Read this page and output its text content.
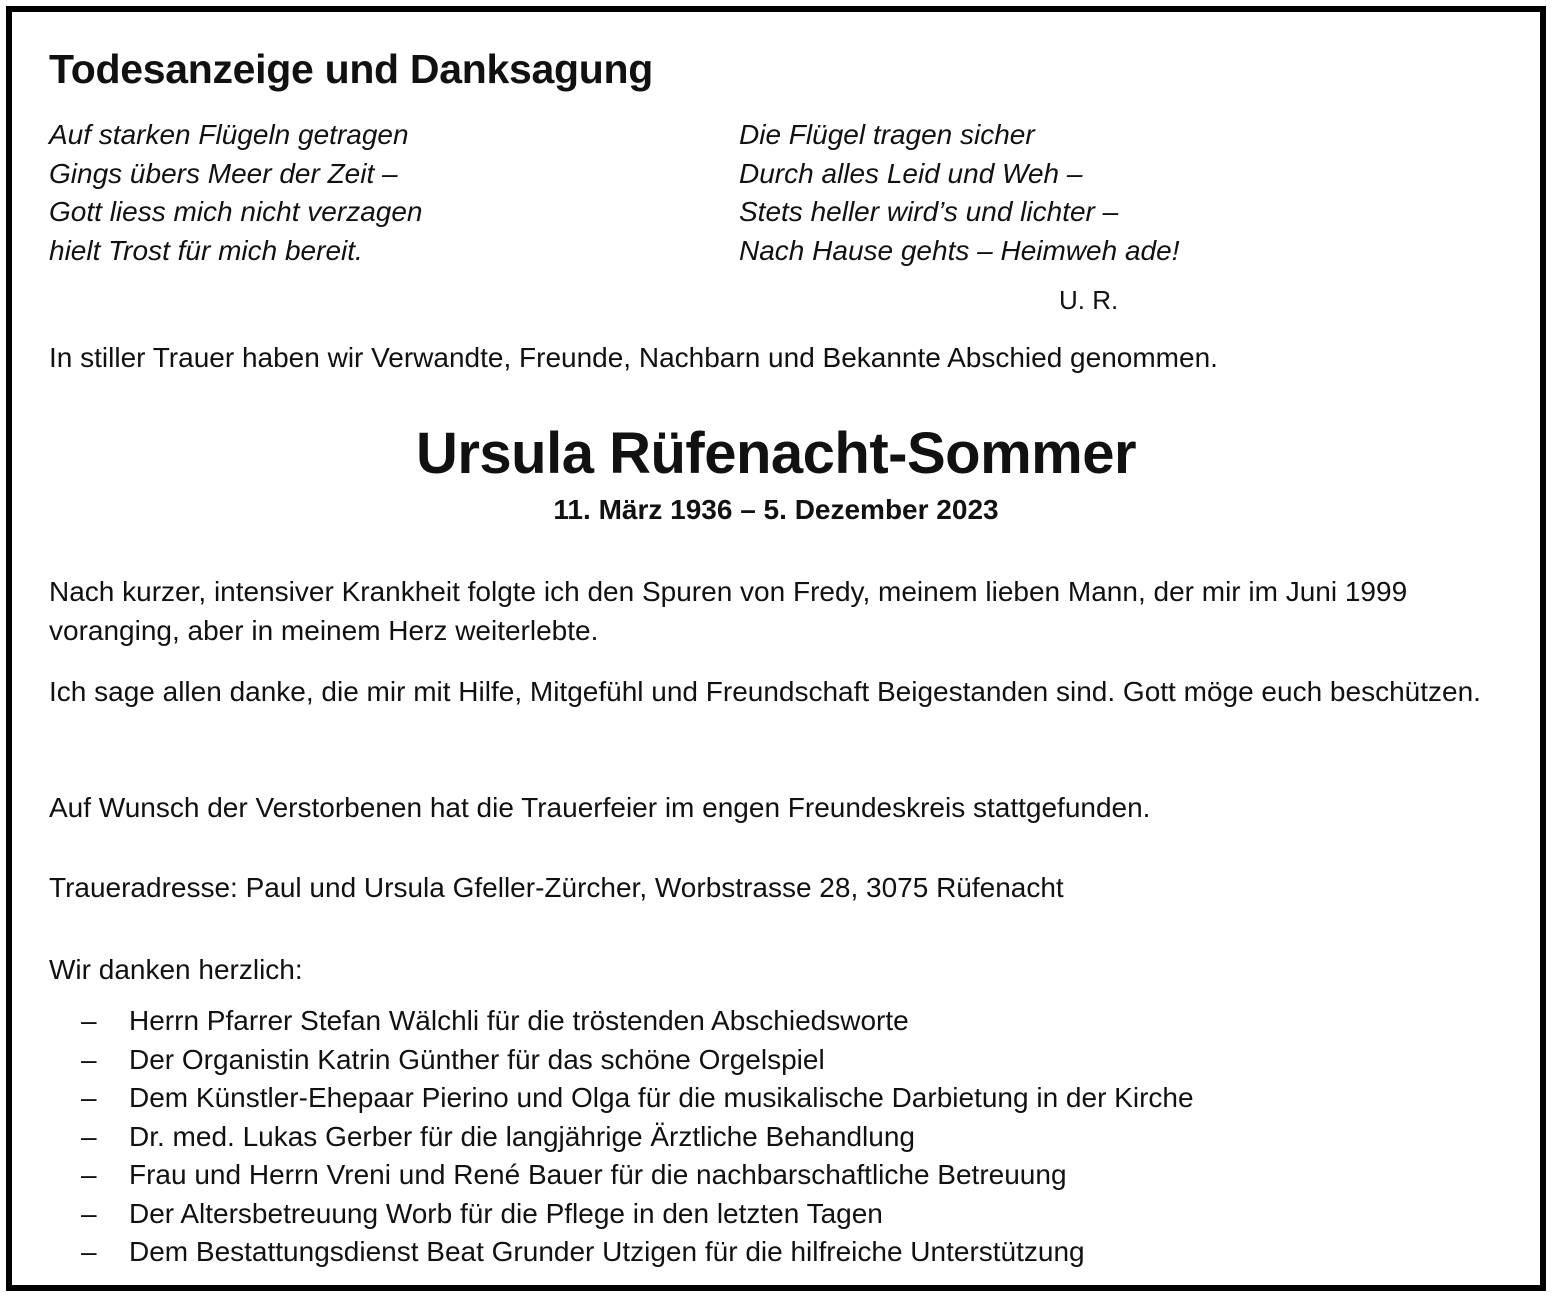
Todesanzeige und Danksagung
Auf starken Flügeln getragen
Gings übers Meer der Zeit –
Gott liess mich nicht verzagen
hielt Trost für mich bereit.
Die Flügel tragen sicher
Durch alles Leid und Weh –
Stets heller wird’s und lichter –
Nach Hause gehts – Heimweh ade!
U. R.
In stiller Trauer haben wir Verwandte, Freunde, Nachbarn und Bekannte Abschied genommen.
Ursula Rüfenacht-Sommer
11. März 1936 – 5. Dezember 2023
Nach kurzer, intensiver Krankheit folgte ich den Spuren von Fredy, meinem lieben Mann, der mir im Juni 1999 voranging, aber in meinem Herz weiterlebte.
Ich sage allen danke, die mir mit Hilfe, Mitgefühl und Freundschaft Beigestanden sind. Gott möge euch beschützen.
Auf Wunsch der Verstorbenen hat die Trauerfeier im engen Freundeskreis stattgefunden.
Traueradresse: Paul und Ursula Gfeller-Zürcher, Worbstrasse 28, 3075 Rüfenacht
Wir danken herzlich:
– Herrn Pfarrer Stefan Wälchli für die tröstenden Abschiedsworte
– Der Organistin Katrin Günther für das schöne Orgelspiel
– Dem Künstler-Ehepaar Pierino und Olga für die musikalische Darbietung in der Kirche
– Dr. med. Lukas Gerber für die langjährige Ärztliche Behandlung
– Frau und Herrn Vreni und René Bauer für die nachbarschaftliche Betreuung
– Der Altersbetreuung Worb für die Pflege in den letzten Tagen
– Dem Bestattungsdienst Beat Grunder Utzigen für die hilfreiche Unterstützung
